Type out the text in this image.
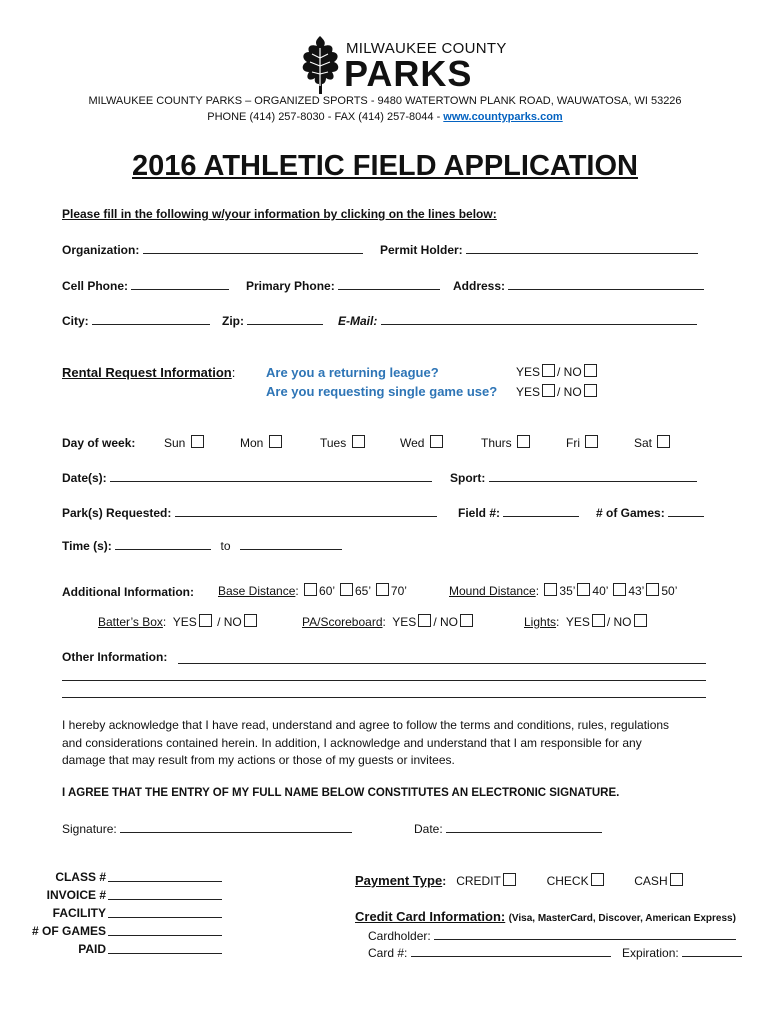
MILWAUKEE COUNTY
PARKS
MILWAUKEE COUNTY PARKS – ORGANIZED SPORTS - 9480 WATERTOWN PLANK ROAD, WAUWATOSA, WI 53226
PHONE (414) 257-8030 - FAX (414) 257-8044 - www.countyparks.com
2016 ATHLETIC FIELD APPLICATION
Please fill in the following w/your information by clicking on the lines below:
Organization:	Permit Holder:
Cell Phone:	Primary Phone:	Address:
City:	Zip:	E-Mail:
Rental Request Information: Are you a returning league?
Are you requesting single game use?
YES / NO
YES / NO
Day of week: Sun	Mon	Tues	Wed	Thurs	Fri	Sat
Date(s):	Sport:
Park(s) Requested:	Field #:	# of Games:
Time (s):	to
Additional Information: Base Distance: 60’ 65’ 70’	Mound Distance: 35’ 40’ 43’ 50’
Batter’s Box:  YES / NO	PA/Scoreboard:  YES / NO	Lights:  YES / NO
Other Information:
I hereby acknowledge that I have read, understand and agree to follow the terms and conditions, rules, regulations
and considerations contained herein. In addition, I acknowledge and understand that I am responsible for any
damage that may result from my actions or those of my guests or invitees.
I AGREE THAT THE ENTRY OF MY FULL NAME BELOW CONSTITUTES AN ELECTRONIC SIGNATURE.
Signature:	Date:
CLASS #
INVOICE #
FACILITY
# OF GAMES
PAID
Payment Type: CREDIT	CHECK	CASH
Credit Card Information: (Visa, MasterCard, Discover, American Express)
Cardholder:
Card #:	Expiration:
